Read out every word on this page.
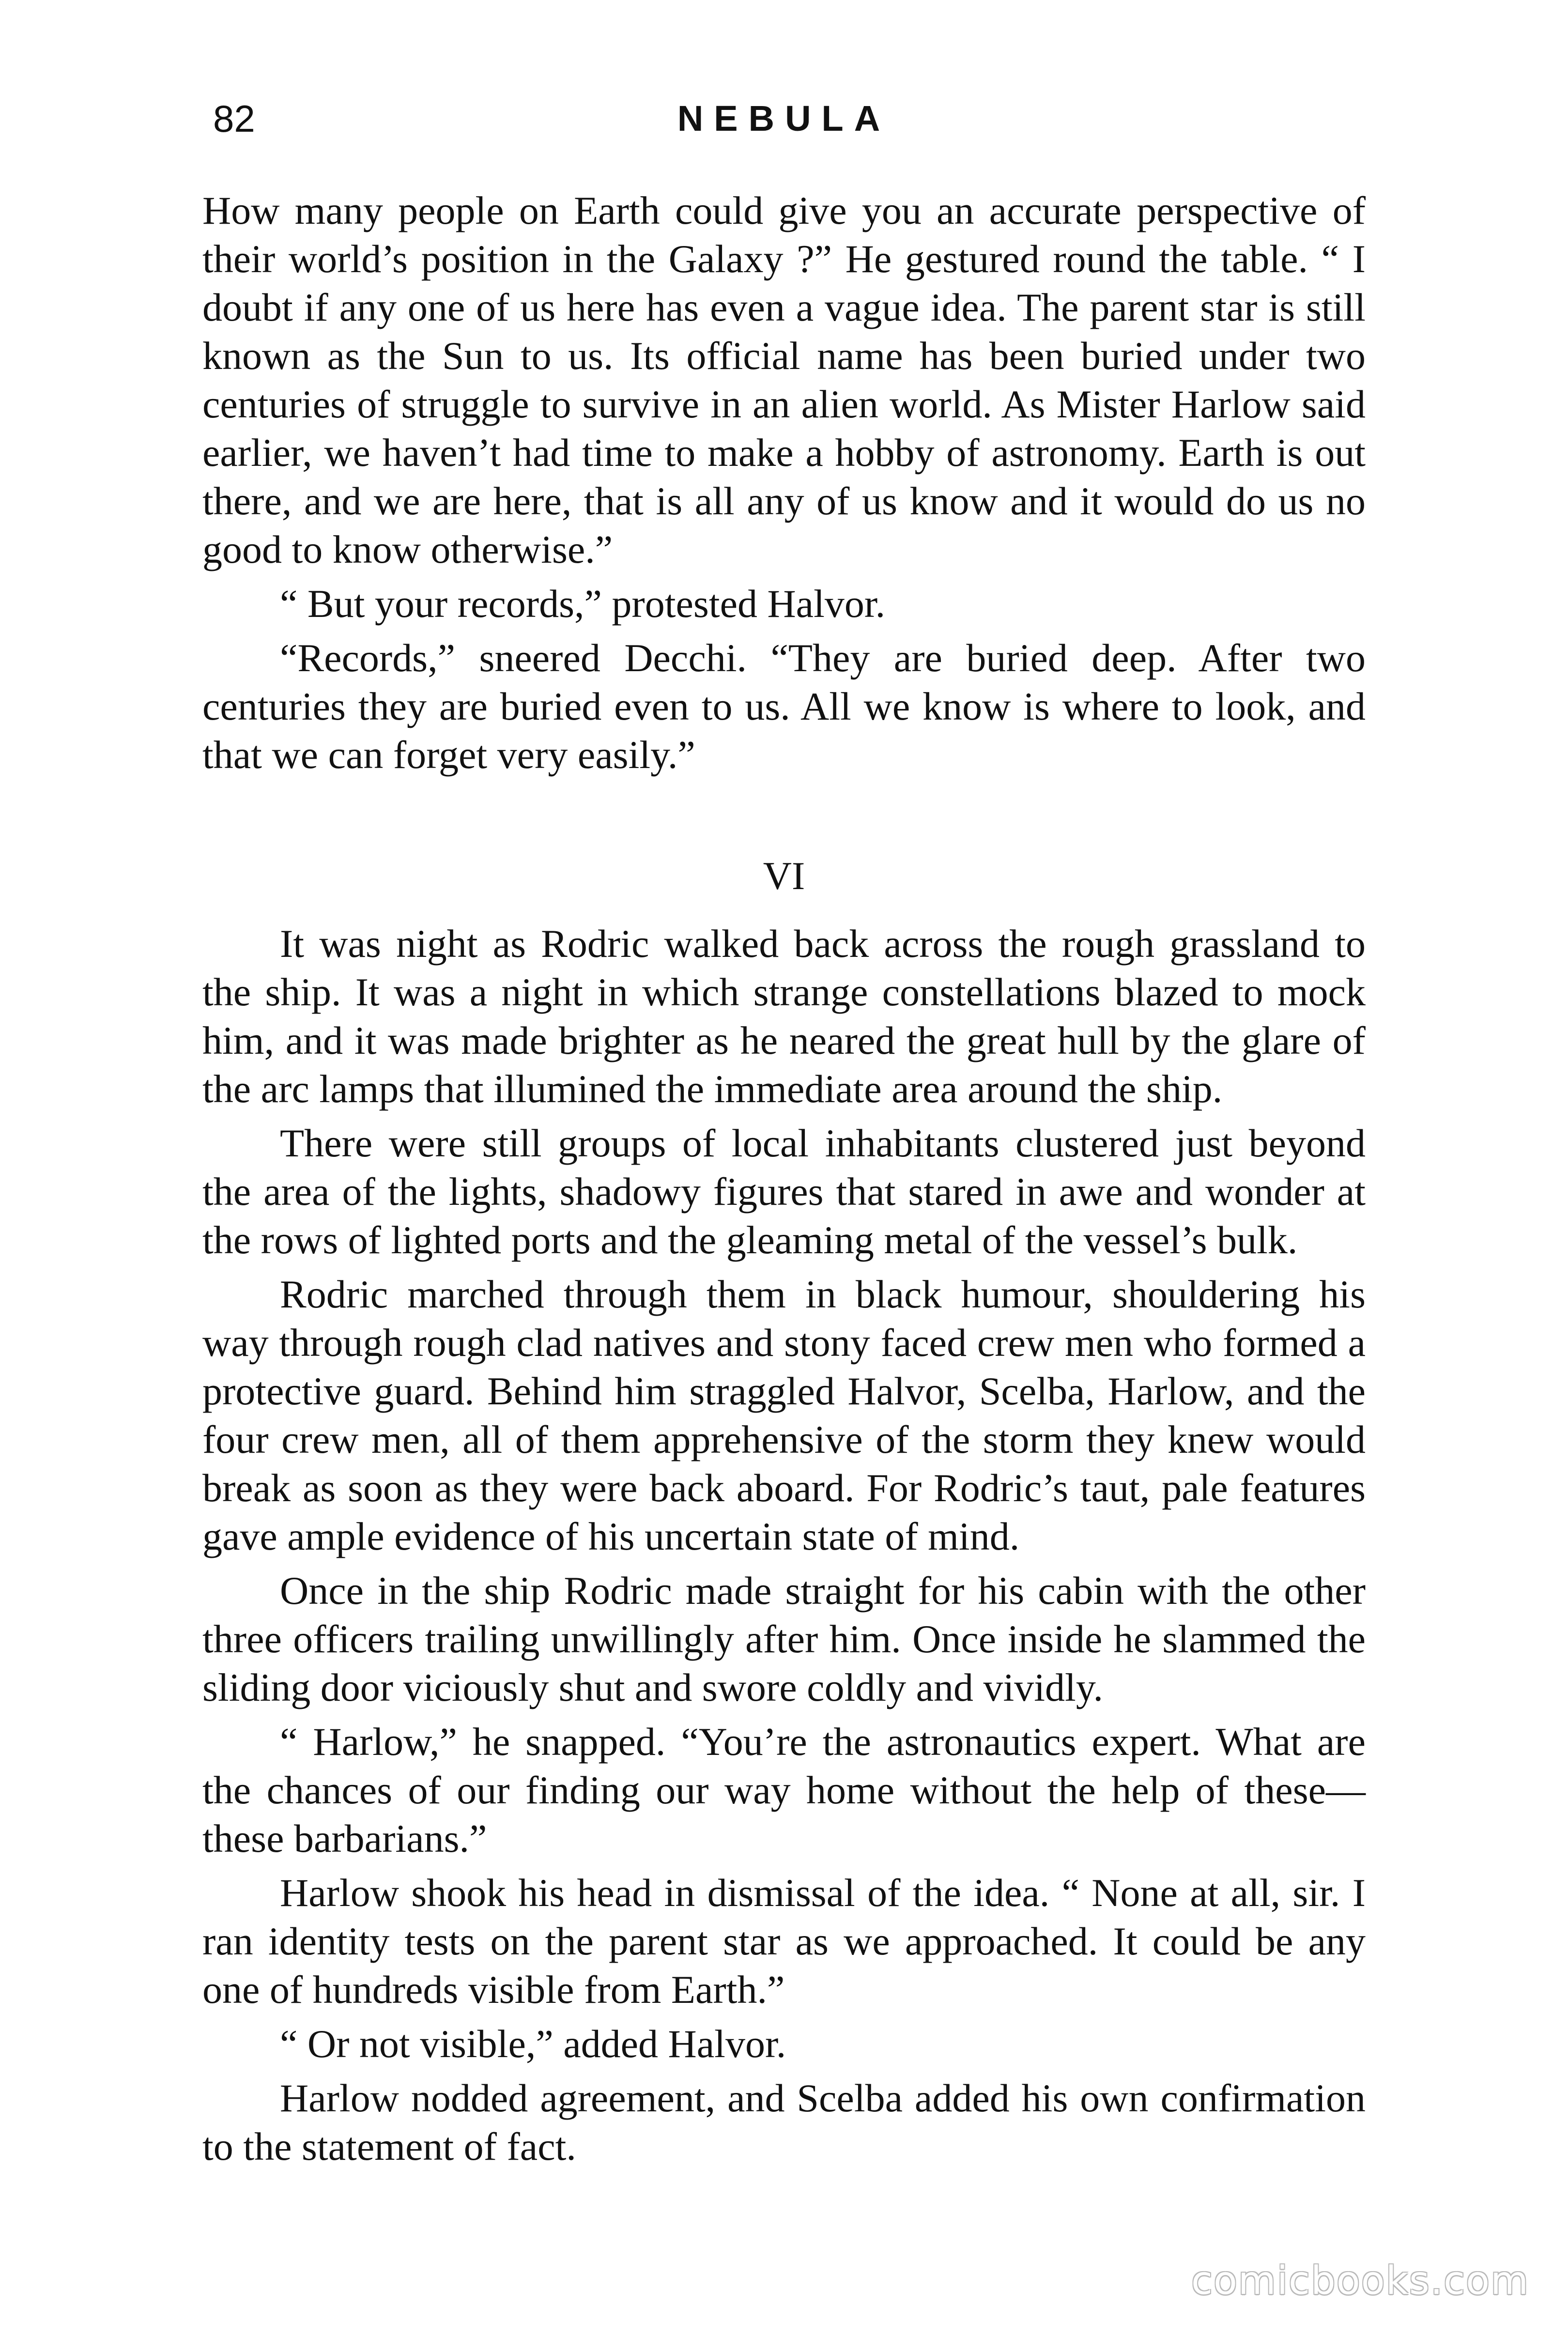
82	NEBULA

How many people on Earth could give you an accurate perspective of their world’s position in the Galaxy ?” He gestured round the table. “ I doubt if any one of us here has even a vague idea. The parent star is still known as the Sun to us. Its official name has been buried under two centuries of struggle to survive in an alien world. As Mister Harlow said earlier, we haven’t had time to make a hobby of astronomy. Earth is out there, and we are here, that is all any of us know and it would do us no good to know otherwise.”

“ But your records,” protested Halvor.

“Records,” sneered Decchi. “They are buried deep. After two centuries they are buried even to us. All we know is where to look, and that we can forget very easily.”

VI

It was night as Rodric walked back across the rough grassland to the ship. It was a night in which strange constellations blazed to mock him, and it was made brighter as he neared the great hull by the glare of the arc lamps that illumined the immediate area around the ship.

There were still groups of local inhabitants clustered just beyond the area of the lights, shadowy figures that stared in awe and wonder at the rows of lighted ports and the gleaming metal of the vessel’s bulk.

Rodric marched through them in black humour, shouldering his way through rough clad natives and stony faced crew men who formed a protective guard. Behind him straggled Halvor, Scelba, Harlow, and the four crew men, all of them apprehensive of the storm they knew would break as soon as they were back aboard. For Rodric’s taut, pale features gave ample evidence of his uncertain state of mind.

Once in the ship Rodric made straight for his cabin with the other three officers trailing unwillingly after him. Once inside he slammed the sliding door viciously shut and swore coldly and vividly.

“ Harlow,” he snapped. “You’re the astronautics expert. What are the chances of our finding our way home without the help of these—these barbarians.”

Harlow shook his head in dismissal of the idea. “ None at all, sir. I ran identity tests on the parent star as we approached. It could be any one of hundreds visible from Earth.”

“ Or not visible,” added Halvor.

Harlow nodded agreement, and Scelba added his own confirmation to the statement of fact.

comicbooks.com
